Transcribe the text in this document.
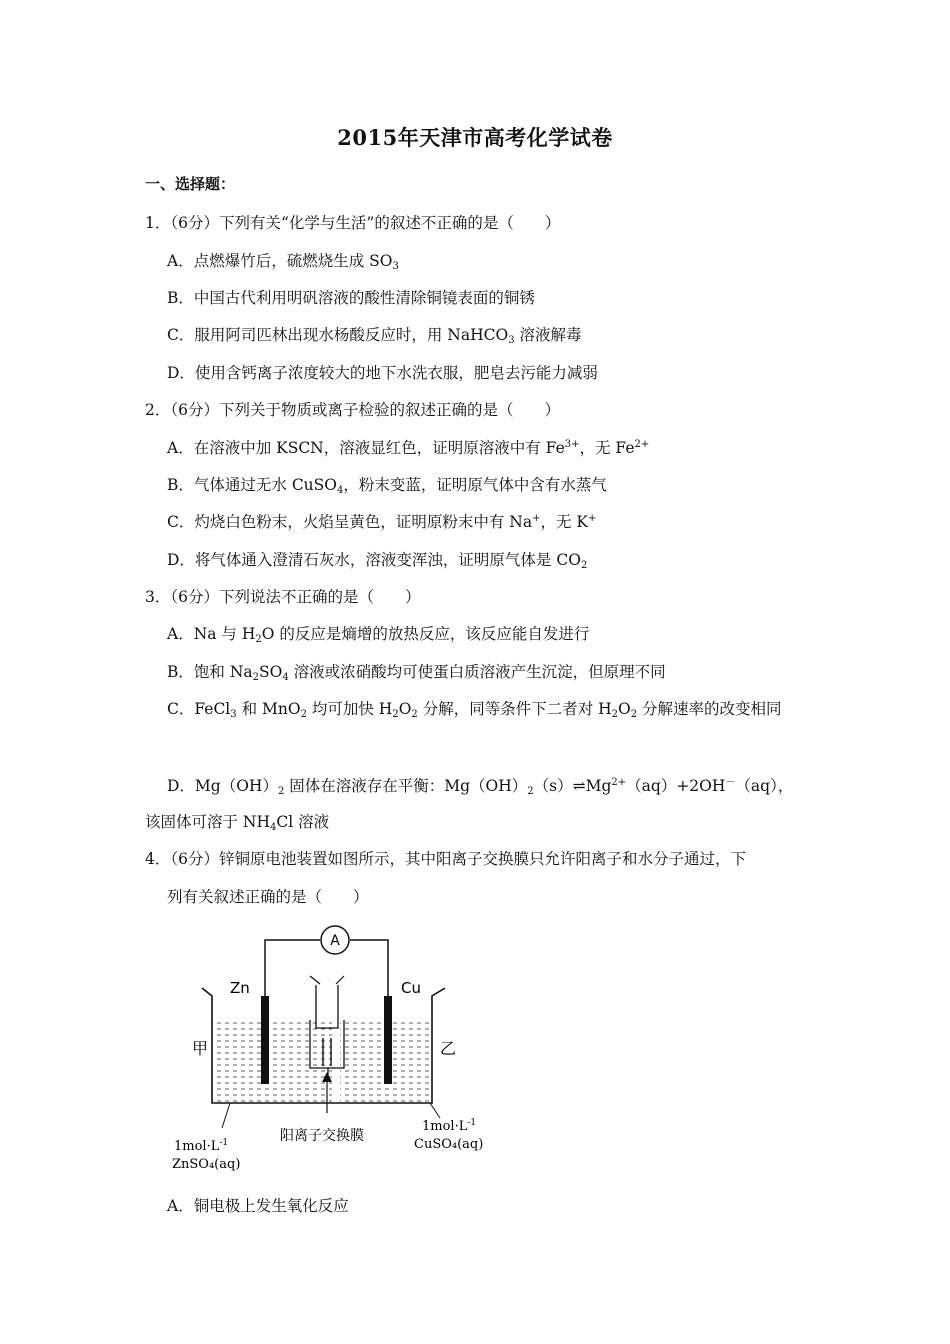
2015年天津市高考化学试卷
一、选择题：
1．（6分）下列有关“化学与生活”的叙述不正确的是（　　）
A．点燃爆竹后，硫燃烧生成 $SO_3$
B．中国古代利用明矾溶液的酸性清除铜镜表面的铜锈
C．服用阿司匹林出现水杨酸反应时，用 NaHCO$_3$ 溶液解毒
D．使用含钙离子浓度较大的地下水洗衣服，肥皂去污能力减弱
2．（6分）下列关于物质或离子检验的叙述正确的是（　　）
A．在溶液中加 KSCN，溶液显红色，证明原溶液中有 $Fe^{3+}$，无 $Fe^{2+}$
B．气体通过无水 CuSO$_4$，粉末变蓝，证明原气体中含有水蒸气
C．灼烧白色粉末，火焰呈黄色，证明原粉末中有 Na+，无 K+
D．将气体通入澄清石灰水，溶液变浑浊，证明原气体是 $CO_2$
3．（6分）下列说法不正确的是（　　）
A．Na 与 $H_2O$ 的反应是熵增的放热反应，该反应能自发进行
B．饱和 $Na_2SO_4$ 溶液或浓硝酸均可使蛋白质溶液产生沉淀，但原理不同
C．FeCl$_3$ 和 MnO$_2$ 均可加快 $H_2O_2$ 分解，同等条件下二者对 $H_2O_2$ 分解速率的改变相同
D．$Mg(OH)_2$ 固体在溶液存在平衡：$Mg(OH)_2(s)\rightleftharpoons Mg^{2+}(aq)+2OH^-(aq)$，
该固体可溶于 $NH_4Cl$ 溶液
4．（6分）锌铜原电池装置如图所示，其中阳离子交换膜只允许阳离子和水分子通过，下
列有关叙述正确的是（　　）
A
Zn	Cu
甲	乙
$1mol\cdot L^{-1}$
ZnSO₄(aq)
阳离子交换膜
$1mol\cdot L^{-1}$
CuSO₄(aq)
A．铜电极上发生氧化反应
